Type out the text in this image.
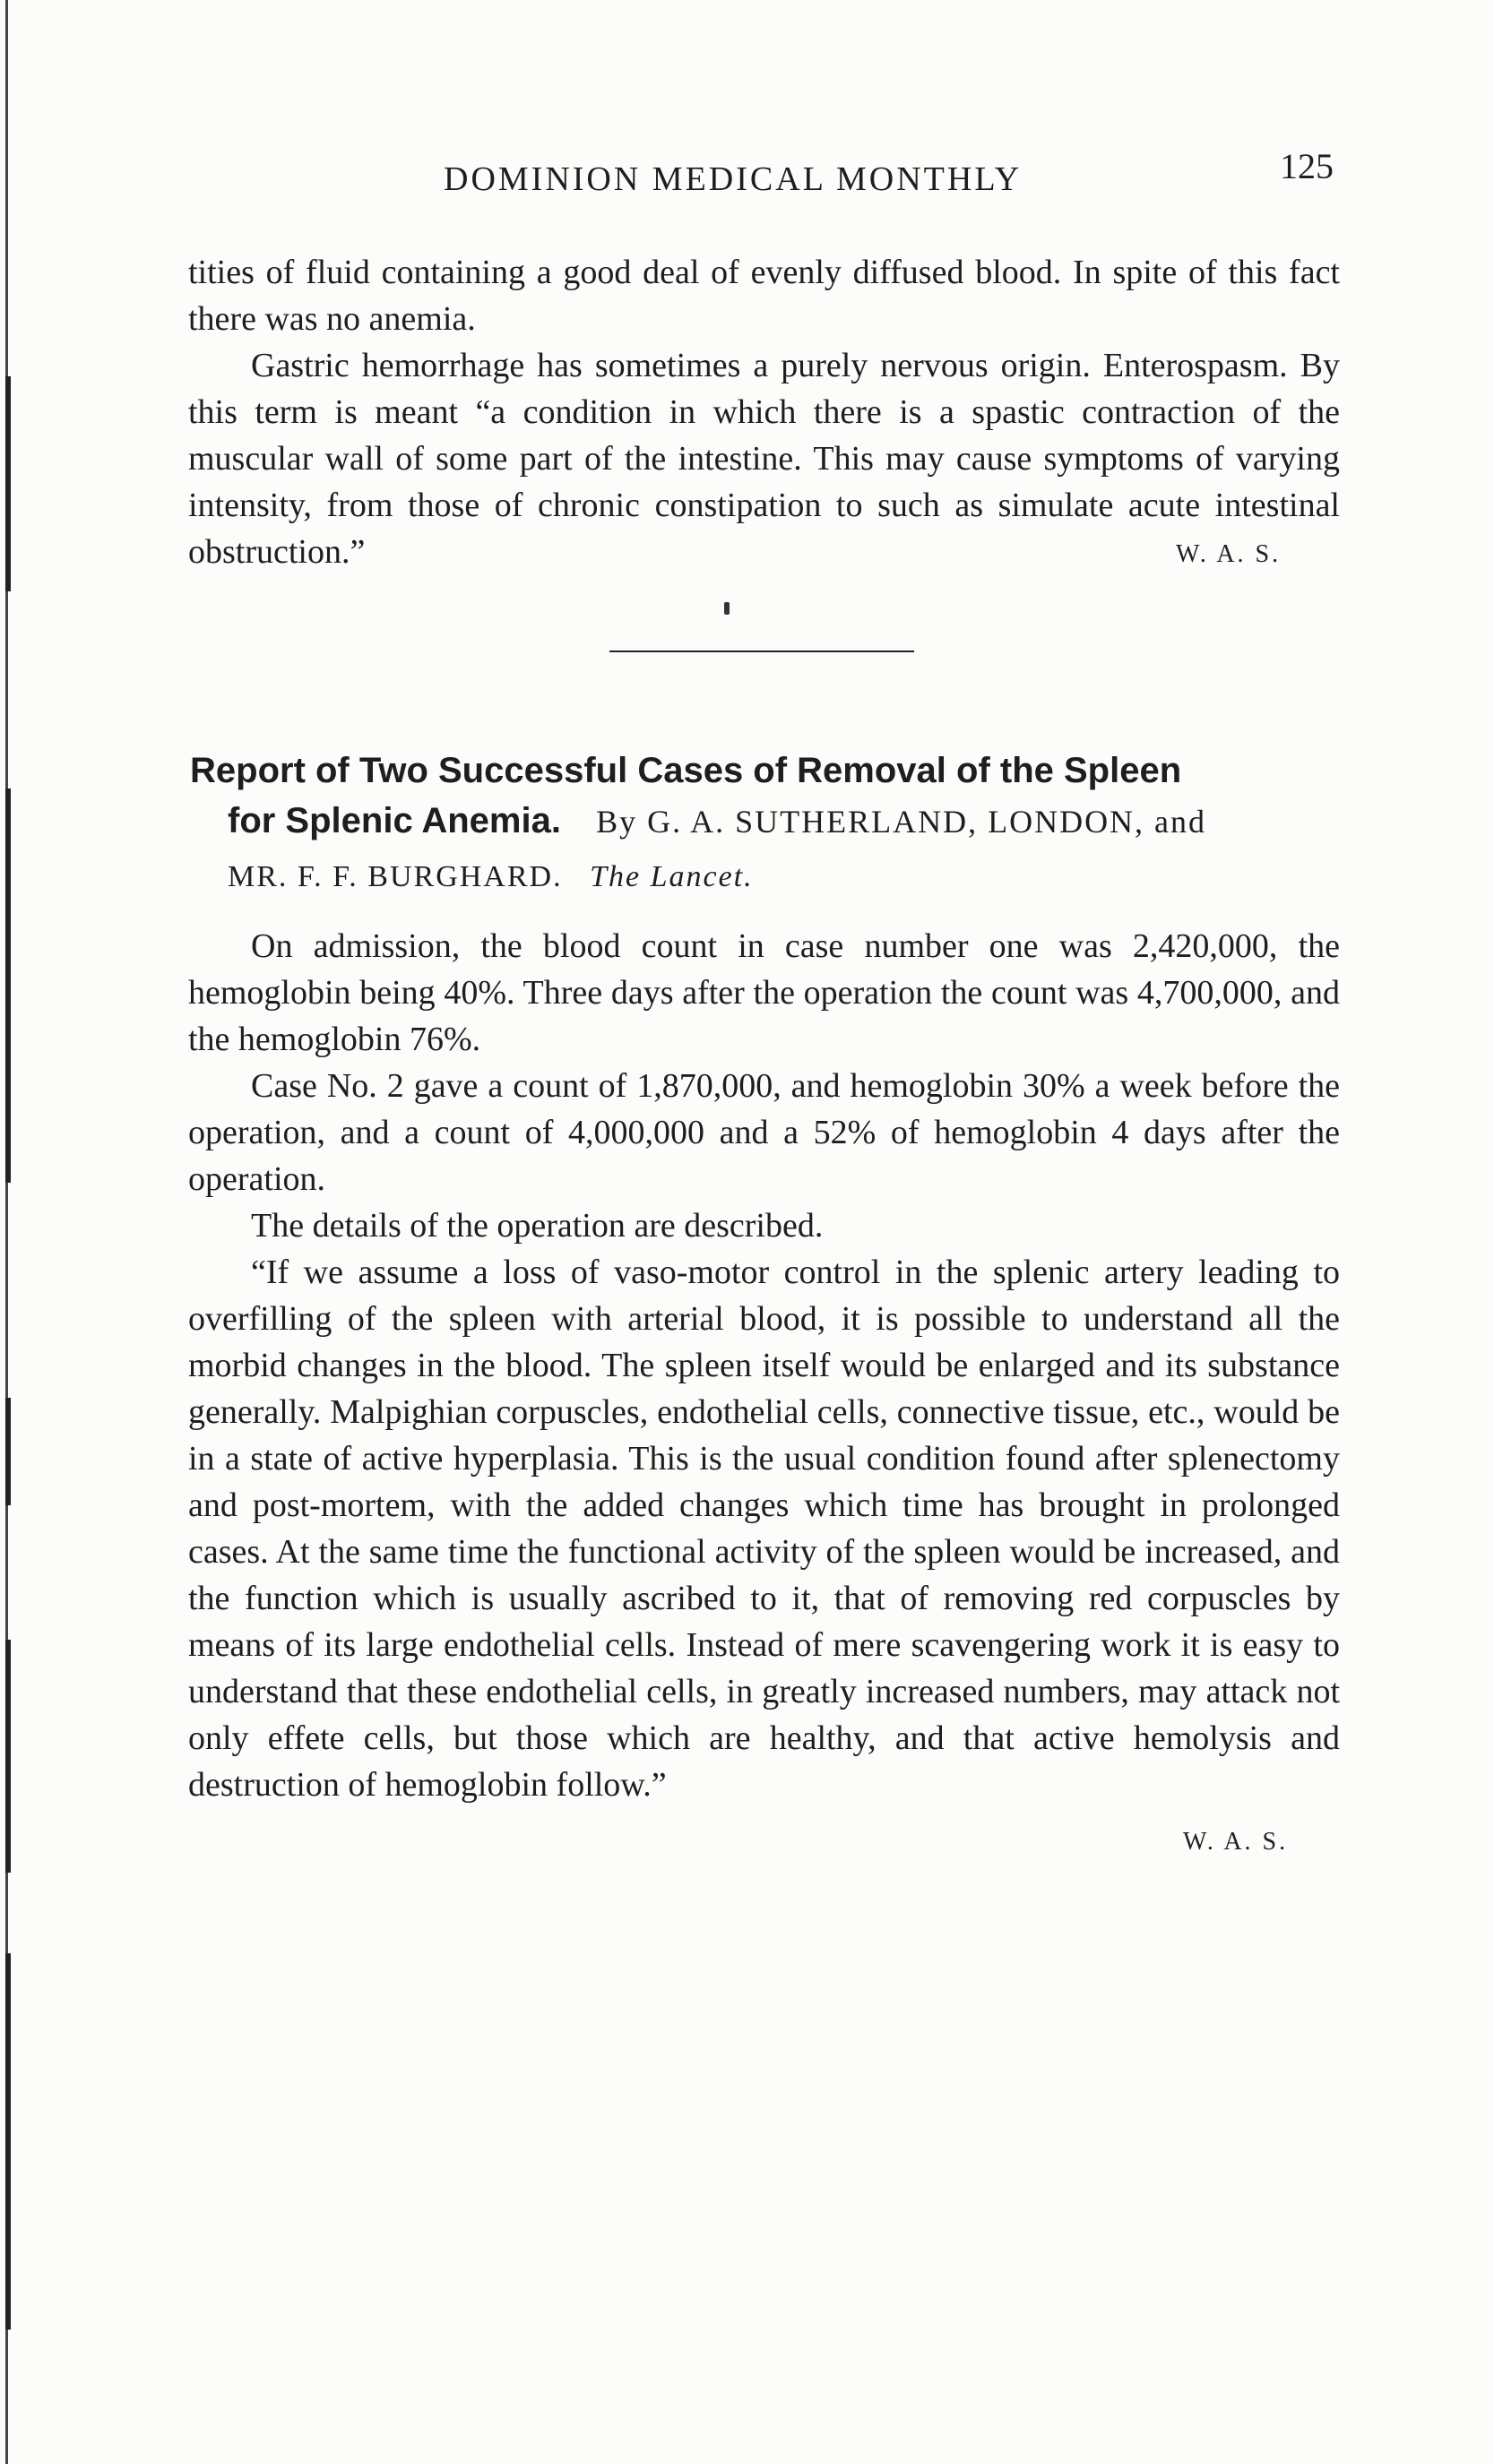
DOMINION MEDICAL MONTHLY	125

tities of fluid containing a good deal of evenly diffused blood. In spite of this fact there was no anemia.

Gastric hemorrhage has sometimes a purely nervous origin. Enterospasm. By this term is meant “a condition in which there is a spastic contraction of the muscular wall of some part of the intestine. This may cause symptoms of varying intensity, from those of chronic constipation to such as simulate acute intestinal obstruction.”	W. A. S.
Report of Two Successful Cases of Removal of the Spleen
for Splenic Anemia. By G. A. SUTHERLAND, LONDON, and
MR. F. F. BURGHARD. The Lancet.

On admission, the blood count in case number one was 2,420,000, the hemoglobin being 40%. Three days after the operation the count was 4,700,000, and the hemoglobin 76%.

Case No. 2 gave a count of 1,870,000, and hemoglobin 30% a week before the operation, and a count of 4,000,000 and a 52% of hemoglobin 4 days after the operation.

The details of the operation are described.

“If we assume a loss of vaso-motor control in the splenic artery leading to overfilling of the spleen with arterial blood, it is possible to understand all the morbid changes in the blood. The spleen itself would be enlarged and its substance generally. Malpighian corpuscles, endothelial cells, connective tissue, etc., would be in a state of active hyperplasia. This is the usual condition found after splenectomy and post-mortem, with the added changes which time has brought in prolonged cases. At the same time the functional activity of the spleen would be increased, and the function which is usually ascribed to it, that of removing red corpuscles by means of its large endothelial cells. Instead of mere scavengering work it is easy to understand that these endothelial cells, in greatly increased numbers, may attack not only effete cells, but those which are healthy, and that active hemolysis and destruction of hemoglobin follow.”

W. A. S.
